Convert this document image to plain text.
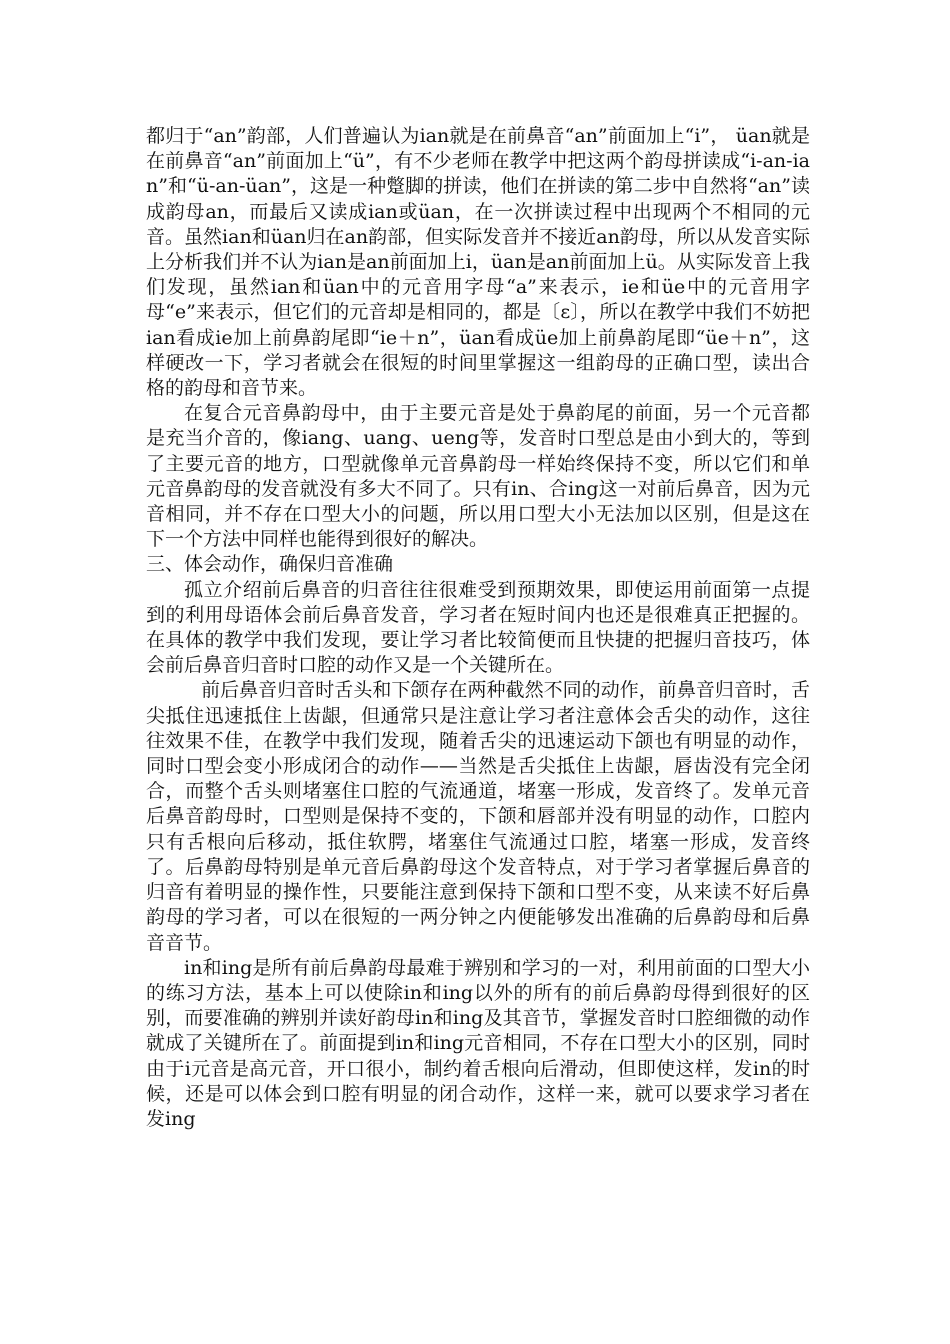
都归于“an”韵部，人们普遍认为ian就是在前鼻音“an”前面加上“i”， üan就是在前鼻音“an”前面加上“ü”，有不少老师在教学中把这两个韵母拼读成“i-an-ian”和“ü-an-üan”，这是一种蹩脚的拼读，他们在拼读的第二步中自然将“an”读成韵母an，而最后又读成ian或üan，在一次拼读过程中出现两个不相同的元音。虽然ian和üan归在an韵部，但实际发音并不接近an韵母，所以从发音实际上分析我们并不认为ian是an前面加上i，üan是an前面加上ü。从实际发音上我们发现，虽然ian和üan中的元音用字母“a”来表示，ie和üe中的元音用字母“e”来表示，但它们的元音却是相同的，都是〔ε〕，所以在教学中我们不妨把ian看成ie加上前鼻韵尾即“ie＋n”，üan看成üe加上前鼻韵尾即“üe＋n”，这样硬改一下，学习者就会在很短的时间里掌握这一组韵母的正确口型，读出合格的韵母和音节来。

在复合元音鼻韵母中，由于主要元音是处于鼻韵尾的前面，另一个元音都是充当介音的，像iang、uang、ueng等，发音时口型总是由小到大的，等到了主要元音的地方，口型就像单元音鼻韵母一样始终保持不变，所以它们和单元音鼻韵母的发音就没有多大不同了。只有in、合ing这一对前后鼻音，因为元音相同，并不存在口型大小的问题，所以用口型大小无法加以区别，但是这在下一个方法中同样也能得到很好的解决。

三、体会动作，确保归音准确

孤立介绍前后鼻音的归音往往很难受到预期效果，即使运用前面第一点提到的利用母语体会前后鼻音发音，学习者在短时间内也还是很难真正把握的。在具体的教学中我们发现，要让学习者比较简便而且快捷的把握归音技巧，体会前后鼻音归音时口腔的动作又是一个关键所在。

前后鼻音归音时舌头和下颌存在两种截然不同的动作，前鼻音归音时，舌尖抵住迅速抵住上齿龈，但通常只是注意让学习者注意体会舌尖的动作，这往往效果不佳，在教学中我们发现，随着舌尖的迅速运动下颌也有明显的动作，同时口型会变小形成闭合的动作——当然是舌尖抵住上齿龈，唇齿没有完全闭合，而整个舌头则堵塞住口腔的气流通道，堵塞一形成，发音终了。发单元音后鼻音韵母时，口型则是保持不变的，下颌和唇部并没有明显的动作，口腔内只有舌根向后移动，抵住软腭，堵塞住气流通过口腔，堵塞一形成，发音终了。后鼻韵母特别是单元音后鼻韵母这个发音特点，对于学习者掌握后鼻音的归音有着明显的操作性，只要能注意到保持下颌和口型不变，从来读不好后鼻韵母的学习者，可以在很短的一两分钟之内便能够发出准确的后鼻韵母和后鼻音音节。

in和ing是所有前后鼻韵母最难于辨别和学习的一对，利用前面的口型大小的练习方法，基本上可以使除in和ing以外的所有的前后鼻韵母得到很好的区别，而要准确的辨别并读好韵母in和ing及其音节，掌握发音时口腔细微的动作就成了关键所在了。前面提到in和ing元音相同，不存在口型大小的区别，同时由于i元音是高元音，开口很小，制约着舌根向后滑动，但即使这样，发in的时候，还是可以体会到口腔有明显的闭合动作，这样一来，就可以要求学习者在发ing
